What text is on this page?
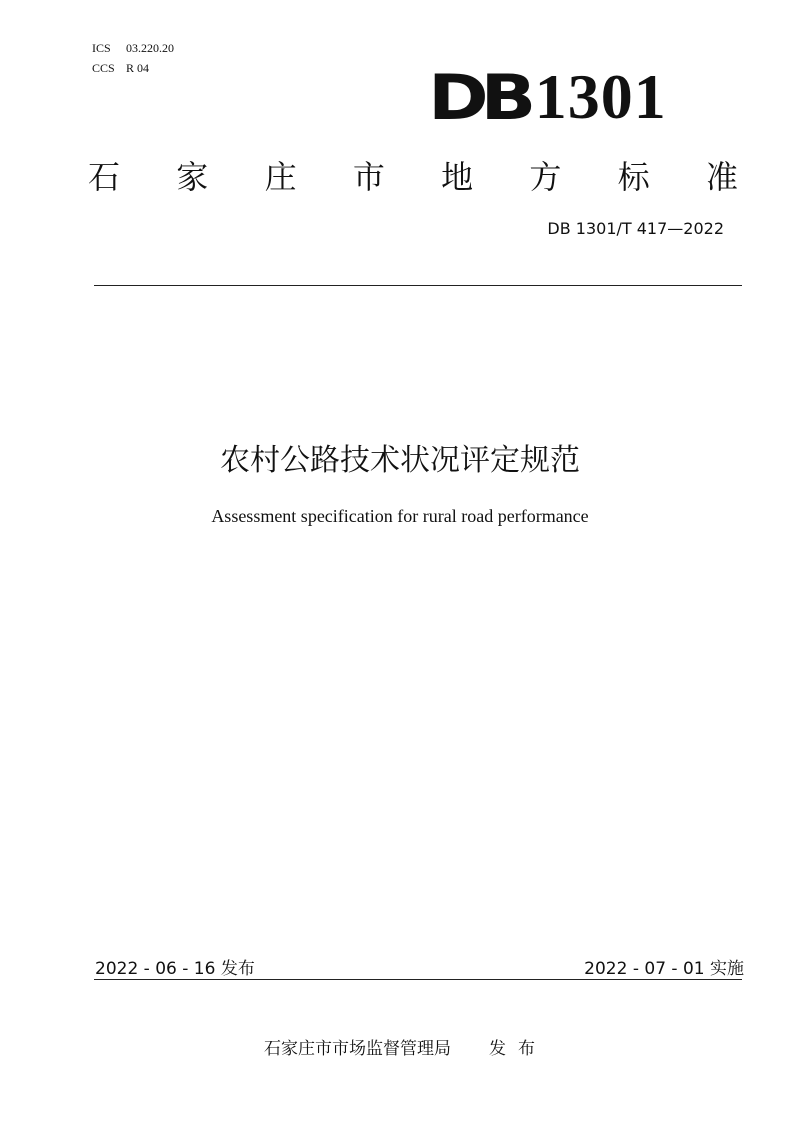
ICS 03.220.20
CCS R 04	DB 1301
石 家 庄 市 地 方 标 准
DB 1301/T 417—2022
农村公路技术状况评定规范
Assessment specification for rural road performance
2022 - 06 - 16 发布	2022 - 07 - 01 实施
石家庄市市场监督管理局 发布
